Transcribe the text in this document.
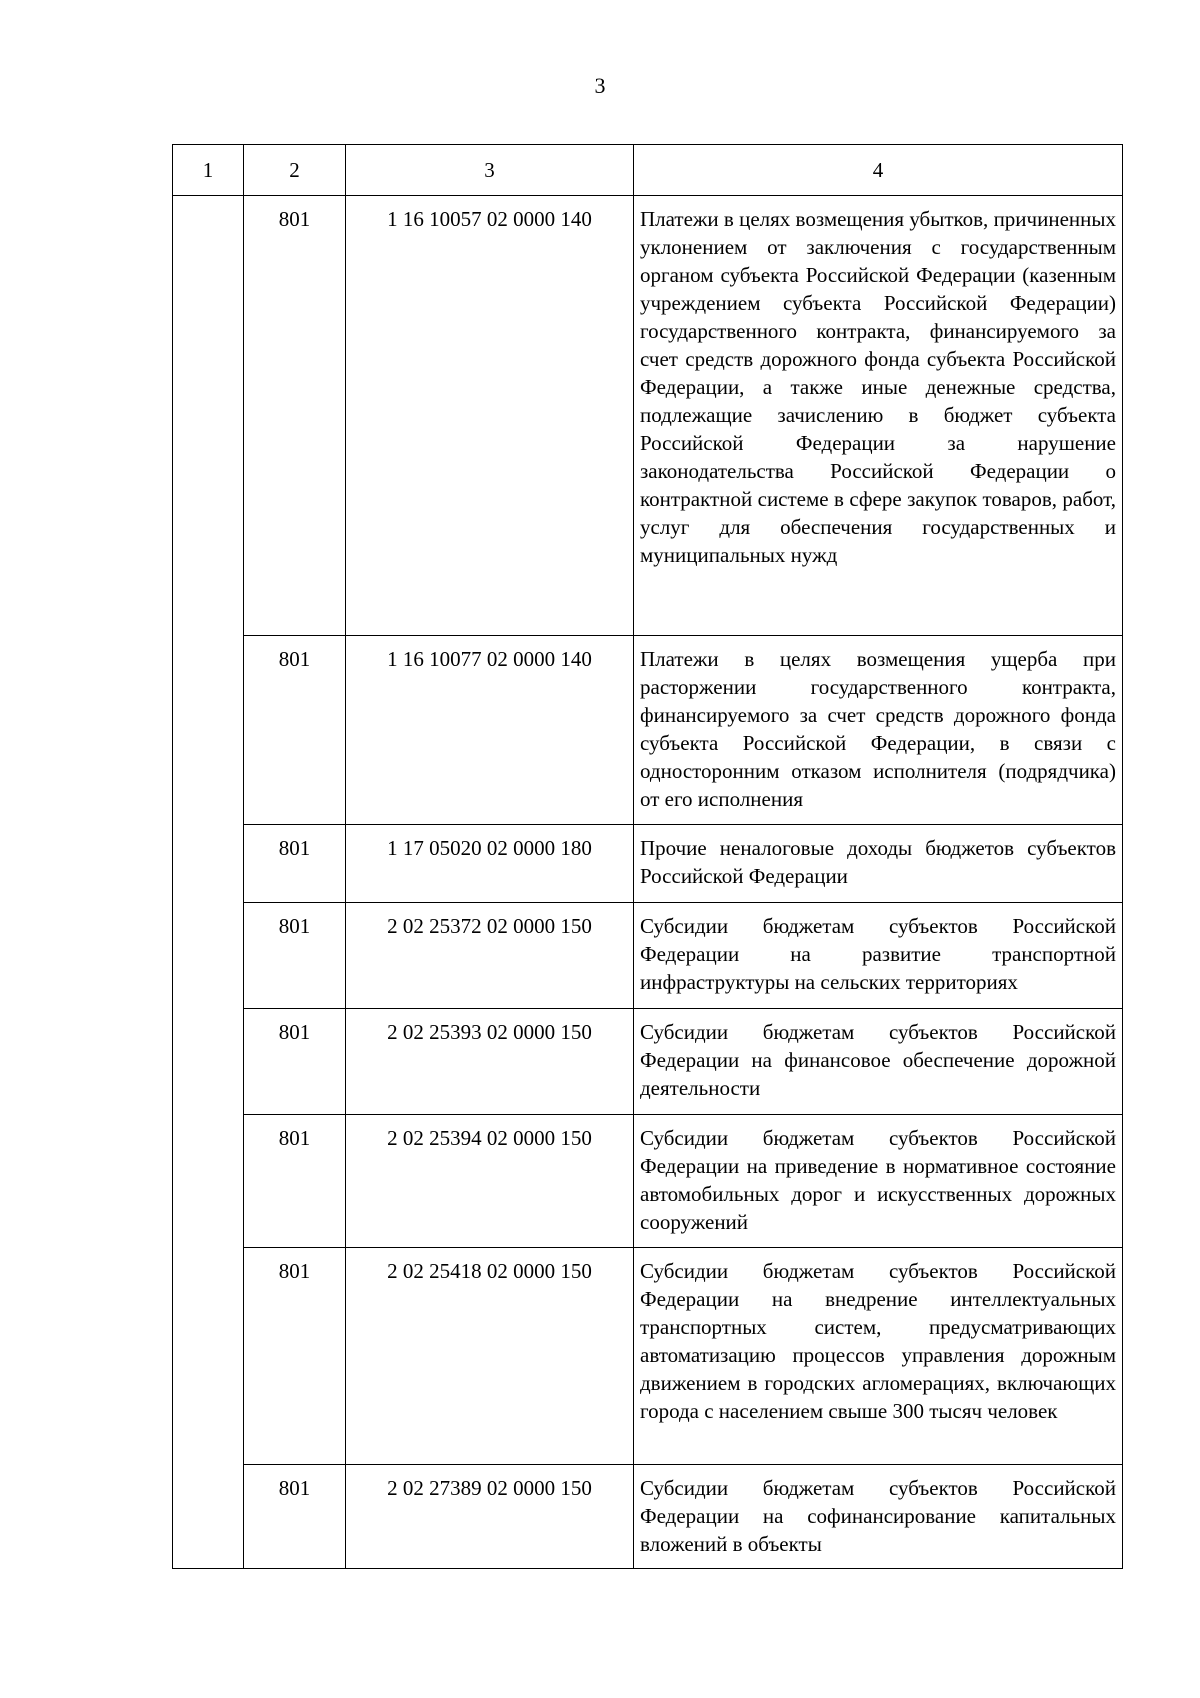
3
1	2	3	4
	801	1 16 10057 02 0000 140	Платежи в целях возмещения убытков, причиненных уклонением от заключения с государственным органом субъекта Российской Федерации (казенным учреждением субъекта Российской Федерации) государственного контракта, финансируемого за счет средств дорожного фонда субъекта Российской Федерации, а также иные денежные средства, подлежащие зачислению в бюджет субъекта Российской Федерации за нарушение законодательства Российской Федерации о контрактной системе в сфере закупок товаров, работ, услуг для обеспечения государственных и муниципальных нужд
	801	1 16 10077 02 0000 140	Платежи в целях возмещения ущерба при расторжении государственного контракта, финансируемого за счет средств дорожного фонда субъекта Российской Федерации, в связи с односторонним отказом исполнителя (подрядчика) от его исполнения
	801	1 17 05020 02 0000 180	Прочие неналоговые доходы бюджетов субъектов Российской Федерации
	801	2 02 25372 02 0000 150	Субсидии бюджетам субъектов Российской Федерации на развитие транспортной инфраструктуры на сельских территориях
	801	2 02 25393 02 0000 150	Субсидии бюджетам субъектов Российской Федерации на финансовое обеспечение дорожной деятельности
	801	2 02 25394 02 0000 150	Субсидии бюджетам субъектов Российской Федерации на приведение в нормативное состояние автомобильных дорог и искусственных дорожных сооружений
	801	2 02 25418 02 0000 150	Субсидии бюджетам субъектов Российской Федерации на внедрение интеллектуальных транспортных систем, предусматривающих автоматизацию процессов управления дорожным движением в городских агломерациях, включающих города с населением свыше 300 тысяч человек
	801	2 02 27389 02 0000 150	Субсидии бюджетам субъектов Российской Федерации на софинансирование капитальных вложений в объекты
